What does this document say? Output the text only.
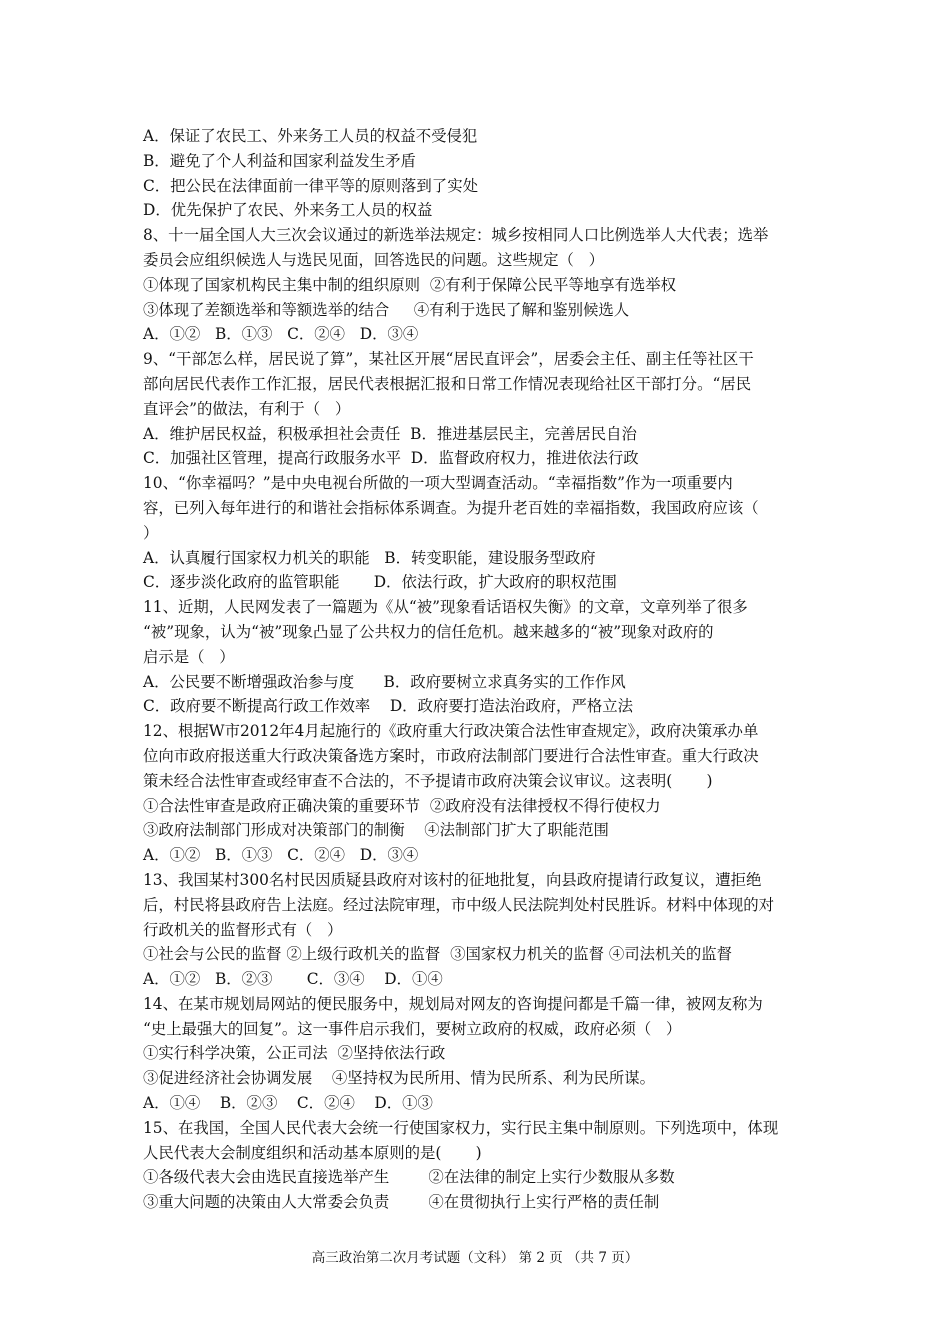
A．保证了农民工、外来务工人员的权益不受侵犯
B．避免了个人利益和国家利益发生矛盾
C．把公民在法律面前一律平等的原则落到了实处
D．优先保护了农民、外来务工人员的权益
8、十一届全国人大三次会议通过的新选举法规定：城乡按相同人口比例选举人大代表；选举
委员会应组织候选人与选民见面，回答选民的问题。这些规定（   ）
①体现了国家机构民主集中制的组织原则  ②有利于保障公民平等地享有选举权
③体现了差额选举和等额选举的结合     ④有利于选民了解和鉴别候选人
A．①②   B．①③   C．②④   D．③④
9、“干部怎么样，居民说了算”，某社区开展“居民直评会”，居委会主任、副主任等社区干
部向居民代表作工作汇报，居民代表根据汇报和日常工作情况表现给社区干部打分。“居民
直评会”的做法，有利于（   ）
A．维护居民权益，积极承担社会责任  B．推进基层民主，完善居民自治
C．加强社区管理，提高行政服务水平  D．监督政府权力，推进依法行政
10、“你幸福吗？”是中央电视台所做的一项大型调查活动。“幸福指数”作为一项重要内
容，已列入每年进行的和谐社会指标体系调查。为提升老百姓的幸福指数，我国政府应该（
）
A．认真履行国家权力机关的职能   B．转变职能，建设服务型政府
C．逐步淡化政府的监管职能       D．依法行政，扩大政府的职权范围
11、近期，人民网发表了一篇题为《从“被”现象看话语权失衡》的文章，文章列举了很多
“被”现象，认为“被”现象凸显了公共权力的信任危机。越来越多的“被”现象对政府的
启示是（   ）
A．公民要不断增强政治参与度      B．政府要树立求真务实的工作作风
C．政府要不断提高行政工作效率    D．政府要打造法治政府，严格立法
12、根据W市2012年4月起施行的《政府重大行政决策合法性审查规定》，政府决策承办单
位向市政府报送重大行政决策备选方案时，市政府法制部门要进行合法性审查。重大行政决
策未经合法性审查或经审查不合法的，不予提请市政府决策会议审议。这表明(       )
①合法性审查是政府正确决策的重要环节  ②政府没有法律授权不得行使权力
③政府法制部门形成对决策部门的制衡    ④法制部门扩大了职能范围
A．①②   B．①③   C．②④   D．③④
13、我国某村300名村民因质疑县政府对该村的征地批复，向县政府提请行政复议，遭拒绝
后，村民将县政府告上法庭。经过法院审理，市中级人民法院判处村民胜诉。材料中体现的对
行政机关的监督形式有（   ）
①社会与公民的监督 ②上级行政机关的监督  ③国家权力机关的监督 ④司法机关的监督
A．①②   B．②③       C．③④    D．①④
14、在某市规划局网站的便民服务中，规划局对网友的咨询提问都是千篇一律，被网友称为
“史上最强大的回复”。这一事件启示我们，要树立政府的权威，政府必须（   ）
①实行科学决策，公正司法  ②坚持依法行政
③促进经济社会协调发展    ④坚持权为民所用、情为民所系、利为民所谋。
A．①④    B．②③    C．②④    D．①③
15、在我国，全国人民代表大会统一行使国家权力，实行民主集中制原则。下列选项中，体现
人民代表大会制度组织和活动基本原则的是(       )
①各级代表大会由选民直接选举产生        ②在法律的制定上实行少数服从多数
③重大问题的决策由人大常委会负责        ④在贯彻执行上实行严格的责任制
高三政治第二次月考试题（文科） 第 2 页 （共 7 页）
